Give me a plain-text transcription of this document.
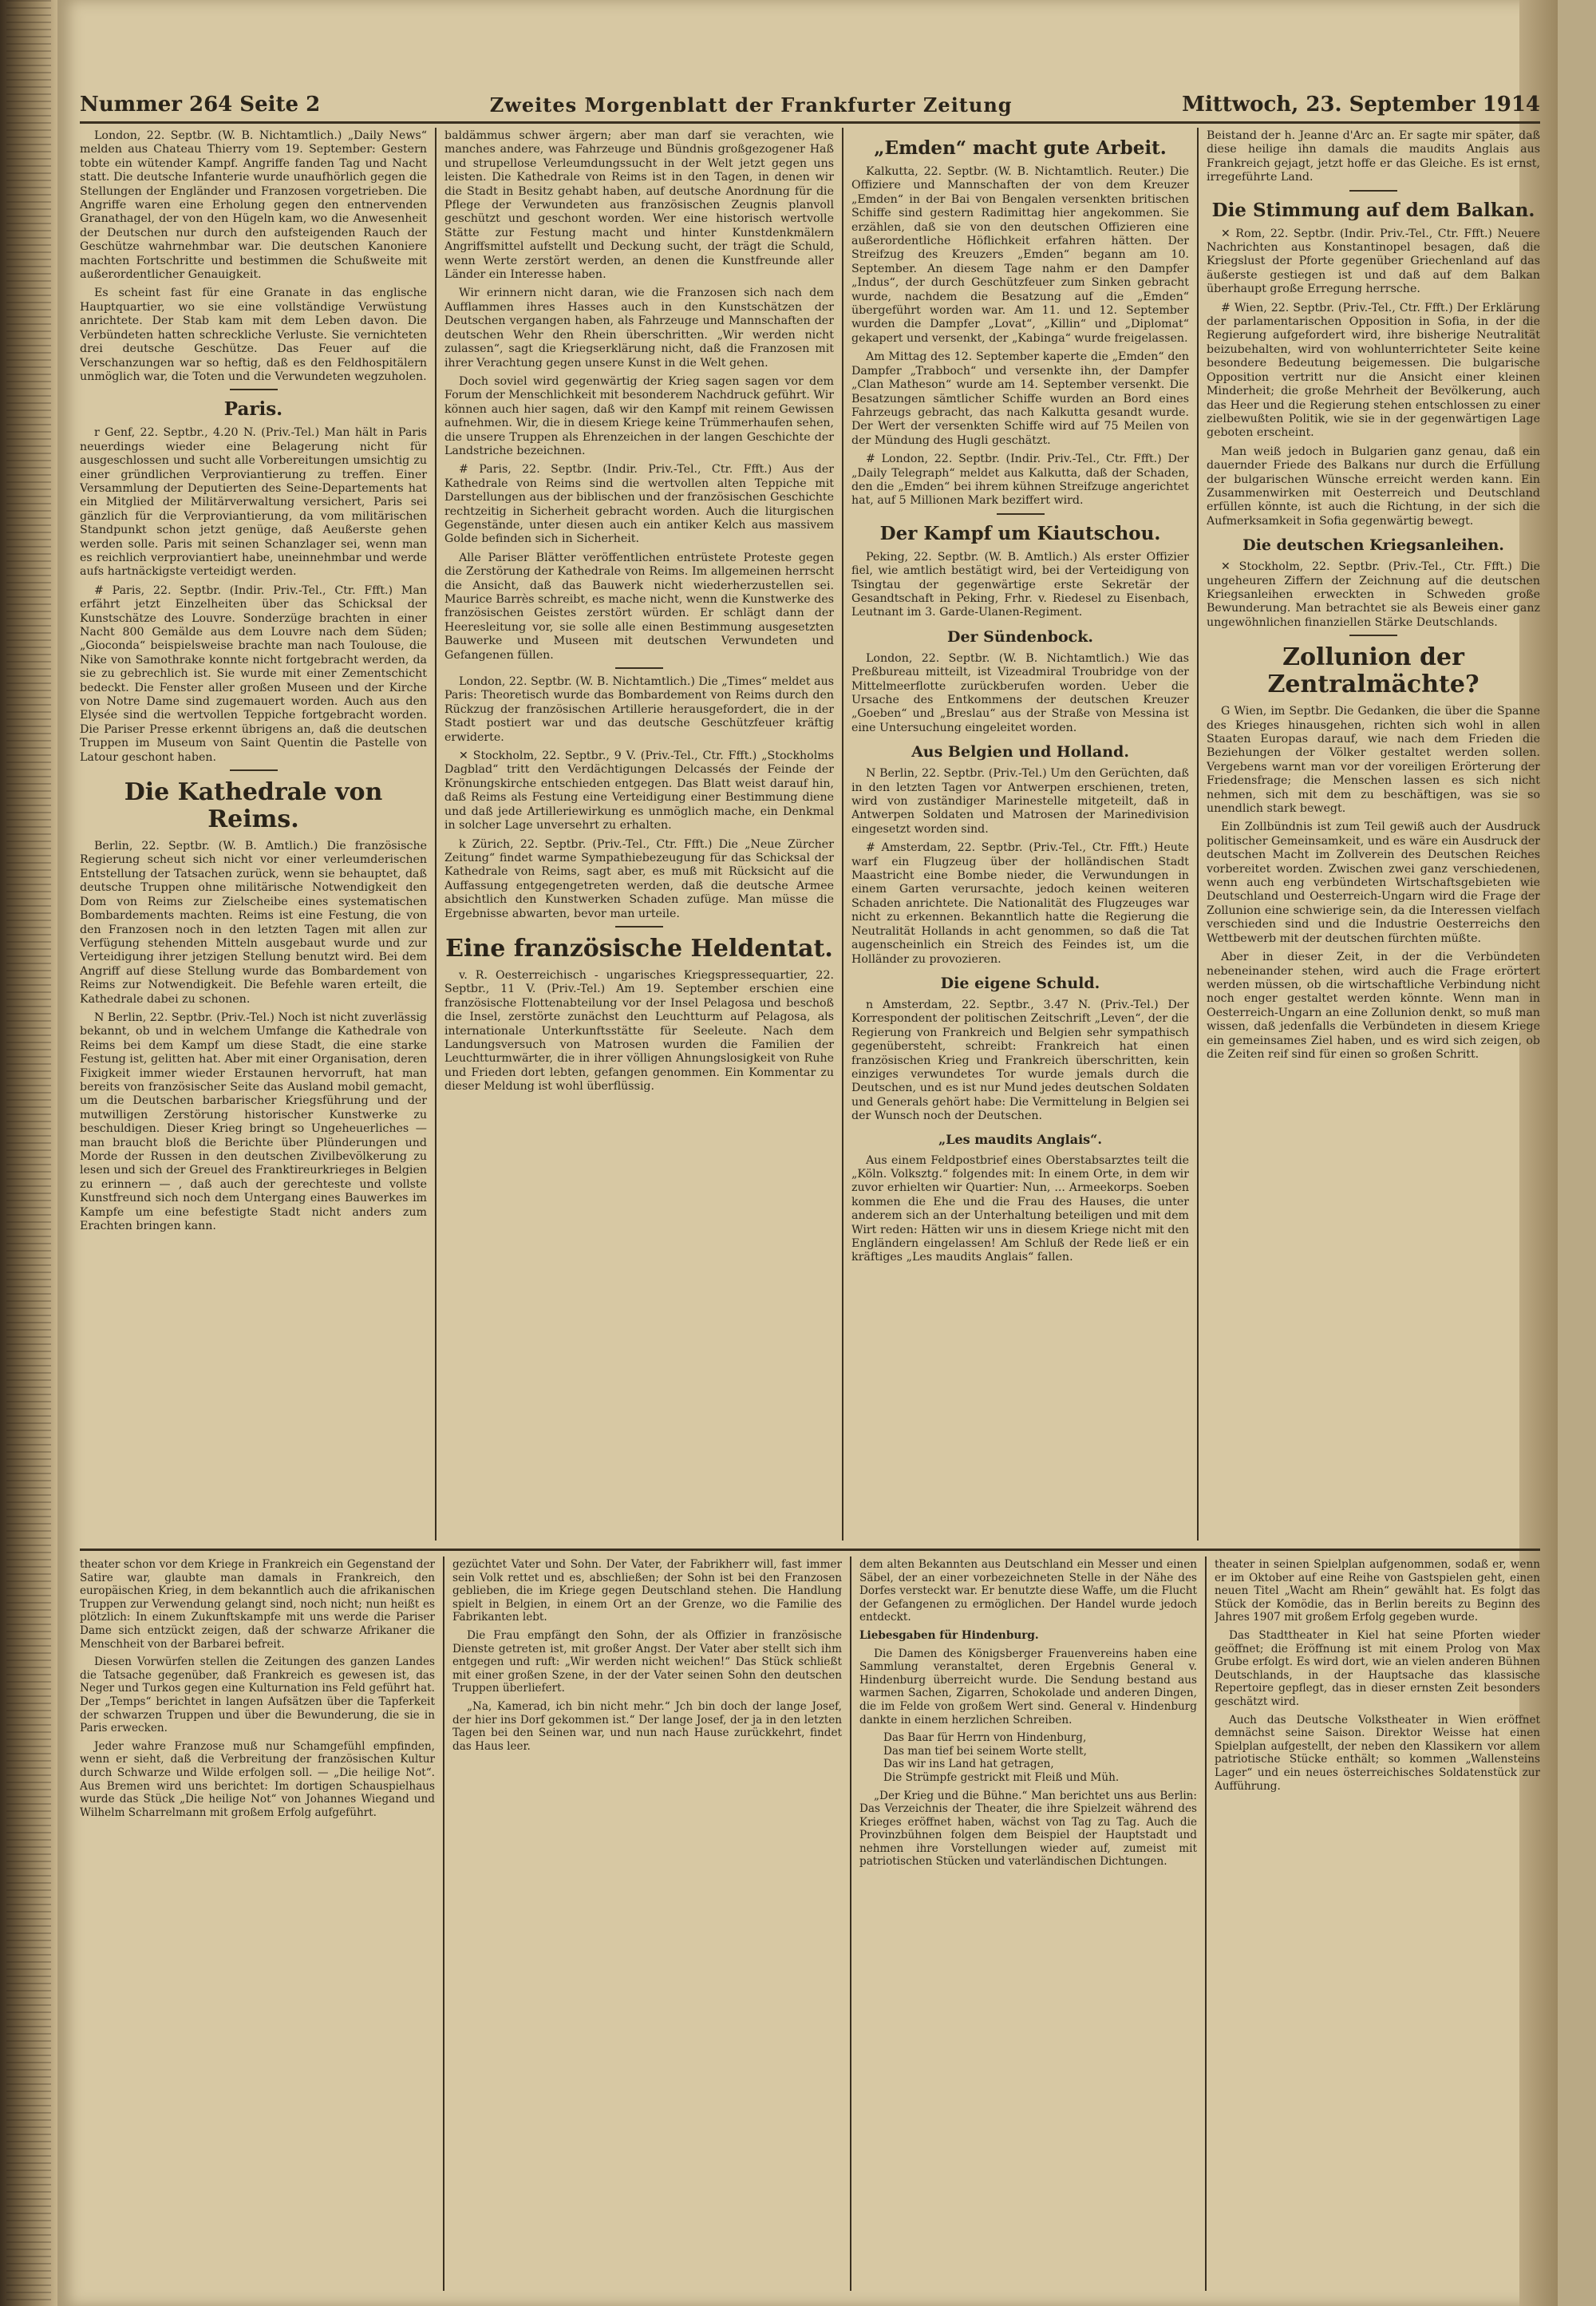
Nummer 264 Seite 2	Zweites Morgenblatt der Frankfurter Zeitung	Mittwoch, 23. September 1914

London, 22. Septbr. (W. B. Nichtamtlich.) „Daily News“ melden aus Chateau Thierry vom 19. September: Gestern tobte ein wütender Kampf. Angriffe fanden Tag und Nacht statt. Die deutsche Infanterie wurde unaufhörlich gegen die Stellungen der Engländer und Franzosen vorgetrieben. Die Angriffe waren eine Erholung gegen den entnervenden Granathagel, der von den Hügeln kam, wo die Anwesenheit der Deutschen nur durch den aufsteigenden Rauch der Geschütze wahrnehmbar war. Die deutschen Kanoniere machten Fortschritte und bestimmen die Schußweite mit außerordentlicher Genauigkeit.

Es scheint fast für eine Granate in das englische Hauptquartier, wo sie eine vollständige Verwüstung anrichtete. Der Stab kam mit dem Leben davon. Die Verbündeten hatten schreckliche Verluste. Sie vernichteten drei deutsche Geschütze. Das Feuer auf die Verschanzungen war so heftig, daß es den Feldhospitälern unmöglich war, die Toten und die Verwundeten wegzuholen.

Paris.

r Genf, 22. Septbr., 4.20 N. (Priv.-Tel.) Man hält in Paris neuerdings wieder eine Belagerung nicht für ausgeschlossen und sucht alle Vorbereitungen umsichtig zu einer gründlichen Verproviantierung zu treffen. Einer Versammlung der Deputierten des Seine-Departements hat ein Mitglied der Militärverwaltung versichert, Paris sei gänzlich für die Verproviantierung, da vom militärischen Standpunkt schon jetzt genüge, daß Aeußerste gehen werden solle. Paris mit seinen Schanzlager sei, wenn man es reichlich verproviantiert habe, uneinnehmbar und werde aufs hartnäckigste verteidigt werden.

# Paris, 22. Septbr. (Indir. Priv.-Tel., Ctr. Ffft.) Man erfährt jetzt Einzelheiten über das Schicksal der Kunstschätze des Louvre. Sonderzüge brachten in einer Nacht 800 Gemälde aus dem Louvre nach dem Süden; „Gioconda“ beispielsweise brachte man nach Toulouse, die Nike von Samothrake konnte nicht fortgebracht werden, da sie zu gebrechlich ist. Sie wurde mit einer Zementschicht bedeckt. Die Fenster aller großen Museen und der Kirche von Notre Dame sind zugemauert worden. Auch aus den Elysée sind die wertvollen Teppiche fortgebracht worden. Die Pariser Presse erkennt übrigens an, daß die deutschen Truppen im Museum von Saint Quentin die Pastelle von Latour geschont haben.

Die Kathedrale von Reims.

Berlin, 22. Septbr. (W. B. Amtlich.) Die französische Regierung scheut sich nicht vor einer verleumderischen Entstellung der Tatsachen zurück, wenn sie behauptet, daß deutsche Truppen ohne militärische Notwendigkeit den Dom von Reims zur Zielscheibe eines systematischen Bombardements machten. Reims ist eine Festung, die von den Franzosen noch in den letzten Tagen mit allen zur Verfügung stehenden Mitteln ausgebaut wurde und zur Verteidigung ihrer jetzigen Stellung benutzt wird. Bei dem Angriff auf diese Stellung wurde das Bombardement von Reims zur Notwendigkeit. Die Befehle waren erteilt, die Kathedrale dabei zu schonen.

N Berlin, 22. Septbr. (Priv.-Tel.) Noch ist nicht zuverlässig bekannt, ob und in welchem Umfange die Kathedrale von Reims bei dem Kampf um diese Stadt, die eine starke Festung ist, gelitten hat. Aber mit einer Organisation, deren Fixigkeit immer wieder Erstaunen hervorruft, hat man bereits von französischer Seite das Ausland mobil gemacht, um die Deutschen barbarischer Kriegsführung und der mutwilligen Zerstörung historischer Kunstwerke zu beschuldigen. Dieser Krieg bringt so Ungeheuerliches — man braucht bloß die Berichte über Plünderungen und Morde der Russen in den deutschen Zivilbevölkerung zu lesen und sich der Greuel des Franktireurkrieges in Belgien zu erinnern — , daß auch der gerechteste und vollste Kunstfreund sich noch dem Untergang eines Bauwerkes im Kampfe um eine befestigte Stadt nicht anders zum Erachten bringen kann.

baldämmus schwer ärgern; aber man darf sie verachten, wie manches andere, was Fahrzeuge und Bündnis großgezogener Haß und strupellose Verleumdungssucht in der Welt jetzt gegen uns leisten. Die Kathedrale von Reims ist in den Tagen, in denen wir die Stadt in Besitz gehabt haben, auf deutsche Anordnung für die Pflege der Verwundeten aus französischen Zeugnis planvoll geschützt und geschont worden. Wer eine historisch wertvolle Stätte zur Festung macht und hinter Kunstdenkmälern Angriffsmittel aufstellt und Deckung sucht, der trägt die Schuld, wenn Werte zerstört werden, an denen die Kunstfreunde aller Länder ein Interesse haben.

Wir erinnern nicht daran, wie die Franzosen sich nach dem Aufflammen ihres Hasses auch in den Kunstschätzen der Deutschen vergangen haben, als Fahrzeuge und Mannschaften der deutschen Wehr den Rhein überschritten. „Wir werden nicht zulassen“, sagt die Kriegserklärung nicht, daß die Franzosen mit ihrer Verachtung gegen unsere Kunst in die Welt gehen.

Doch soviel wird gegenwärtig der Krieg sagen sagen vor dem Forum der Menschlichkeit mit besonderem Nachdruck geführt. Wir können auch hier sagen, daß wir den Kampf mit reinem Gewissen aufnehmen. Wir, die in diesem Kriege keine Trümmerhaufen sehen, die unsere Truppen als Ehrenzeichen in der langen Geschichte der Landstriche bezeichnen.

# Paris, 22. Septbr. (Indir. Priv.-Tel., Ctr. Ffft.) Aus der Kathedrale von Reims sind die wertvollen alten Teppiche mit Darstellungen aus der biblischen und der französischen Geschichte rechtzeitig in Sicherheit gebracht worden. Auch die liturgischen Gegenstände, unter diesen auch ein antiker Kelch aus massivem Golde befinden sich in Sicherheit.

Alle Pariser Blätter veröffentlichen entrüstete Proteste gegen die Zerstörung der Kathedrale von Reims. Im allgemeinen herrscht die Ansicht, daß das Bauwerk nicht wiederherzustellen sei. Maurice Barrès schreibt, es mache nicht, wenn die Kunstwerke des französischen Geistes zerstört würden. Er schlägt dann der Heeresleitung vor, sie solle alle einen Bestimmung ausgesetzten Bauwerke und Museen mit deutschen Verwundeten und Gefangenen füllen.

London, 22. Septbr. (W. B. Nichtamtlich.) Die „Times“ meldet aus Paris: Theoretisch wurde das Bombardement von Reims durch den Rückzug der französischen Artillerie herausgefordert, die in der Stadt postiert war und das deutsche Geschützfeuer kräftig erwiderte.

✕ Stockholm, 22. Septbr., 9 V. (Priv.-Tel., Ctr. Ffft.) „Stockholms Dagblad“ tritt den Verdächtigungen Delcassés der Feinde der Krönungskirche entschieden entgegen. Das Blatt weist darauf hin, daß Reims als Festung eine Verteidigung einer Bestimmung diene und daß jede Artilleriewirkung es unmöglich mache, ein Denkmal in solcher Lage unversehrt zu erhalten.

k Zürich, 22. Septbr. (Priv.-Tel., Ctr. Ffft.) Die „Neue Zürcher Zeitung“ findet warme Sympathiebezeugung für das Schicksal der Kathedrale von Reims, sagt aber, es muß mit Rücksicht auf die Auffassung entgegengetreten werden, daß die deutsche Armee absichtlich den Kunstwerken Schaden zufüge. Man müsse die Ergebnisse abwarten, bevor man urteile.

Eine französische Heldentat.

v. R. Oesterreichisch - ungarisches Kriegspressequartier, 22. Septbr., 11 V. (Priv.-Tel.) Am 19. September erschien eine französische Flottenabteilung vor der Insel Pelagosa und beschoß die Insel, zerstörte zunächst den Leuchtturm auf Pelagosa, als internationale Unterkunftsstätte für Seeleute. Nach dem Landungsversuch von Matrosen wurden die Familien der Leuchtturmwärter, die in ihrer völligen Ahnungslosigkeit von Ruhe und Frieden dort lebten, gefangen genommen. Ein Kommentar zu dieser Meldung ist wohl überflüssig.

„Emden“ macht gute Arbeit.

Kalkutta, 22. Septbr. (W. B. Nichtamtlich. Reuter.) Die Offiziere und Mannschaften der von dem Kreuzer „Emden“ in der Bai von Bengalen versenkten britischen Schiffe sind gestern Radimittag hier angekommen. Sie erzählen, daß sie von den deutschen Offizieren eine außerordentliche Höflichkeit erfahren hätten. Der Streifzug des Kreuzers „Emden“ begann am 10. September. An diesem Tage nahm er den Dampfer „Indus“, der durch Geschützfeuer zum Sinken gebracht wurde, nachdem die Besatzung auf die „Emden“ übergeführt worden war. Am 11. und 12. September wurden die Dampfer „Lovat“, „Killin“ und „Diplomat“ gekapert und versenkt, der „Kabinga“ wurde freigelassen.

Am Mittag des 12. September kaperte die „Emden“ den Dampfer „Trabboch“ und versenkte ihn, der Dampfer „Clan Matheson“ wurde am 14. September versenkt. Die Besatzungen sämtlicher Schiffe wurden an Bord eines Fahrzeugs gebracht, das nach Kalkutta gesandt wurde. Der Wert der versenkten Schiffe wird auf 75 Meilen von der Mündung des Hugli geschätzt.

# London, 22. Septbr. (Indir. Priv.-Tel., Ctr. Ffft.) Der „Daily Telegraph“ meldet aus Kalkutta, daß der Schaden, den die „Emden“ bei ihrem kühnen Streifzuge angerichtet hat, auf 5 Millionen Mark beziffert wird.

Der Kampf um Kiautschou.

Peking, 22. Septbr. (W. B. Amtlich.) Als erster Offizier fiel, wie amtlich bestätigt wird, bei der Verteidigung von Tsingtau der gegenwärtige erste Sekretär der Gesandtschaft in Peking, Frhr. v. Riedesel zu Eisenbach, Leutnant im 3. Garde-Ulanen-Regiment.

Der Sündenbock.

London, 22. Septbr. (W. B. Nichtamtlich.) Wie das Preßbureau mitteilt, ist Vizeadmiral Troubridge von der Mittelmeerflotte zurückberufen worden. Ueber die Ursache des Entkommens der deutschen Kreuzer „Goeben“ und „Breslau“ aus der Straße von Messina ist eine Untersuchung eingeleitet worden.

Aus Belgien und Holland.

N Berlin, 22. Septbr. (Priv.-Tel.) Um den Gerüchten, daß in den letzten Tagen vor Antwerpen erschienen, treten, wird von zuständiger Marinestelle mitgeteilt, daß in Antwerpen Soldaten und Matrosen der Marinedivision eingesetzt worden sind.

# Amsterdam, 22. Septbr. (Priv.-Tel., Ctr. Ffft.) Heute warf ein Flugzeug über der holländischen Stadt Maastricht eine Bombe nieder, die Verwundungen in einem Garten verursachte, jedoch keinen weiteren Schaden anrichtete. Die Nationalität des Flugzeuges war nicht zu erkennen. Bekanntlich hatte die Regierung die Neutralität Hollands in acht genommen, so daß die Tat augenscheinlich ein Streich des Feindes ist, um die Holländer zu provozieren.

Die eigene Schuld.

n Amsterdam, 22. Septbr., 3.47 N. (Priv.-Tel.) Der Korrespondent der politischen Zeitschrift „Leven“, der die Regierung von Frankreich und Belgien sehr sympathisch gegenübersteht, schreibt: Frankreich hat einen französischen Krieg und Frankreich überschritten, kein einziges verwundetes Tor wurde jemals durch die Deutschen, und es ist nur Mund jedes deutschen Soldaten und Generals gehört habe: Die Vermittelung in Belgien sei der Wunsch noch der Deutschen.

„Les maudits Anglais“.

Aus einem Feldpostbrief eines Oberstabsarztes teilt die „Köln. Volksztg.“ folgendes mit: In einem Orte, in dem wir zuvor erhielten wir Quartier: Nun, ... Armeekorps. Soeben kommen die Ehe und die Frau des Hauses, die unter anderem sich an der Unterhaltung beteiligen und mit dem Wirt reden: Hätten wir uns in diesem Kriege nicht mit den Engländern eingelassen! Am Schluß der Rede ließ er ein kräftiges „Les maudits Anglais“ fallen.

Beistand der h. Jeanne d'Arc an. Er sagte mir später, daß diese heilige ihn damals die maudits Anglais aus Frankreich gejagt, jetzt hoffe er das Gleiche. Es ist ernst, irregeführte Land.

Die Stimmung auf dem Balkan.

✕ Rom, 22. Septbr. (Indir. Priv.-Tel., Ctr. Ffft.) Neuere Nachrichten aus Konstantinopel besagen, daß die Kriegslust der Pforte gegenüber Griechenland auf das äußerste gestiegen ist und daß auf dem Balkan überhaupt große Erregung herrsche.

# Wien, 22. Septbr. (Priv.-Tel., Ctr. Ffft.) Der Erklärung der parlamentarischen Opposition in Sofia, in der die Regierung aufgefordert wird, ihre bisherige Neutralität beizubehalten, wird von wohlunterrichteter Seite keine besondere Bedeutung beigemessen. Die bulgarische Opposition vertritt nur die Ansicht einer kleinen Minderheit; die große Mehrheit der Bevölkerung, auch das Heer und die Regierung stehen entschlossen zu einer zielbewußten Politik, wie sie in der gegenwärtigen Lage geboten erscheint.

Man weiß jedoch in Bulgarien ganz genau, daß ein dauernder Friede des Balkans nur durch die Erfüllung der bulgarischen Wünsche erreicht werden kann. Ein Zusammenwirken mit Oesterreich und Deutschland erfüllen könnte, ist auch die Richtung, in der sich die Aufmerksamkeit in Sofia gegenwärtig bewegt.

Die deutschen Kriegsanleihen.

✕ Stockholm, 22. Septbr. (Priv.-Tel., Ctr. Ffft.) Die ungeheuren Ziffern der Zeichnung auf die deutschen Kriegsanleihen erweckten in Schweden große Bewunderung. Man betrachtet sie als Beweis einer ganz ungewöhnlichen finanziellen Stärke Deutschlands.

Zollunion der Zentralmächte?

G Wien, im Septbr. Die Gedanken, die über die Spanne des Krieges hinausgehen, richten sich wohl in allen Staaten Europas darauf, wie nach dem Frieden die Beziehungen der Völker gestaltet werden sollen. Vergebens warnt man vor der voreiligen Erörterung der Friedensfrage; die Menschen lassen es sich nicht nehmen, sich mit dem zu beschäftigen, was sie so unendlich stark bewegt.

Ein Zollbündnis ist zum Teil gewiß auch der Ausdruck politischer Gemeinsamkeit, und es wäre ein Ausdruck der deutschen Macht im Zollverein des Deutschen Reiches vorbereitet worden. Zwischen zwei ganz verschiedenen, wenn auch eng verbündeten Wirtschaftsgebieten wie Deutschland und Oesterreich-Ungarn wird die Frage der Zollunion eine schwierige sein, da die Interessen vielfach verschieden sind und die Industrie Oesterreichs den Wettbewerb mit der deutschen fürchten müßte.

Aber in dieser Zeit, in der die Verbündeten nebeneinander stehen, wird auch die Frage erörtert werden müssen, ob die wirtschaftliche Verbindung nicht noch enger gestaltet werden könnte. Wenn man in Oesterreich-Ungarn an eine Zollunion denkt, so muß man wissen, daß jedenfalls die Verbündeten in diesem Kriege ein gemeinsames Ziel haben, und es wird sich zeigen, ob die Zeiten reif sind für einen so großen Schritt.

theater schon vor dem Kriege in Frankreich ein Gegenstand der Satire war, glaubte man damals in Frankreich, den europäischen Krieg, in dem bekanntlich auch die afrikanischen Truppen zur Verwendung gelangt sind, noch nicht; nun heißt es plötzlich: In einem Zukunftskampfe mit uns werde die Pariser Dame sich entzückt zeigen, daß der schwarze Afrikaner die Menschheit von der Barbarei befreit.

Diesen Vorwürfen stellen die Zeitungen des ganzen Landes die Tatsache gegenüber, daß Frankreich es gewesen ist, das Neger und Turkos gegen eine Kulturnation ins Feld geführt hat. Der „Temps“ berichtet in langen Aufsätzen über die Tapferkeit der schwarzen Truppen und über die Bewunderung, die sie in Paris erwecken.

Jeder wahre Franzose muß nur Schamgefühl empfinden, wenn er sieht, daß die Verbreitung der französischen Kultur durch Schwarze und Wilde erfolgen soll. — „Die heilige Not“. Aus Bremen wird uns berichtet: Im dortigen Schauspielhaus wurde das Stück „Die heilige Not“ von Johannes Wiegand und Wilhelm Scharrelmann mit großem Erfolg aufgeführt.

gezüchtet Vater und Sohn. Der Vater, der Fabrikherr will, fast immer sein Volk rettet und es, abschließen; der Sohn ist bei den Franzosen geblieben, die im Kriege gegen Deutschland stehen. Die Handlung spielt in Belgien, in einem Ort an der Grenze, wo die Familie des Fabrikanten lebt.

Die Frau empfängt den Sohn, der als Offizier in französische Dienste getreten ist, mit großer Angst. Der Vater aber stellt sich ihm entgegen und ruft: „Wir werden nicht weichen!“ Das Stück schließt mit einer großen Szene, in der der Vater seinen Sohn den deutschen Truppen überliefert.

„Na, Kamerad, ich bin nicht mehr.“ Jch bin doch der lange Josef, der hier ins Dorf gekommen ist.“ Der lange Josef, der ja in den letzten Tagen bei den Seinen war, und nun nach Hause zurückkehrt, findet das Haus leer.

dem alten Bekannten aus Deutschland ein Messer und einen Säbel, der an einer vorbezeichneten Stelle in der Nähe des Dorfes versteckt war. Er benutzte diese Waffe, um die Flucht der Gefangenen zu ermöglichen. Der Handel wurde jedoch entdeckt.

Liebesgaben für Hindenburg.

Die Damen des Königsberger Frauenvereins haben eine Sammlung veranstaltet, deren Ergebnis General v. Hindenburg überreicht wurde. Die Sendung bestand aus warmen Sachen, Zigarren, Schokolade und anderen Dingen, die im Felde von großem Wert sind. General v. Hindenburg dankte in einem herzlichen Schreiben.

Das Baar für Herrn von Hindenburg,
Das man tief bei seinem Worte stellt,
Das wir ins Land hat getragen,
Die Strümpfe gestrickt mit Fleiß und Müh.

„Der Krieg und die Bühne.“ Man berichtet uns aus Berlin: Das Verzeichnis der Theater, die ihre Spielzeit während des Krieges eröffnet haben, wächst von Tag zu Tag. Auch die Provinzbühnen folgen dem Beispiel der Hauptstadt und nehmen ihre Vorstellungen wieder auf, zumeist mit patriotischen Stücken und vaterländischen Dichtungen.

theater in seinen Spielplan aufgenommen, sodaß er, wenn er im Oktober auf eine Reihe von Gastspielen geht, einen neuen Titel „Wacht am Rhein“ gewählt hat. Es folgt das Stück der Komödie, das in Berlin bereits zu Beginn des Jahres 1907 mit großem Erfolg gegeben wurde.

Das Stadttheater in Kiel hat seine Pforten wieder geöffnet; die Eröffnung ist mit einem Prolog von Max Grube erfolgt. Es wird dort, wie an vielen anderen Bühnen Deutschlands, in der Hauptsache das klassische Repertoire gepflegt, das in dieser ernsten Zeit besonders geschätzt wird.

Auch das Deutsche Volkstheater in Wien eröffnet demnächst seine Saison. Direktor Weisse hat einen Spielplan aufgestellt, der neben den Klassikern vor allem patriotische Stücke enthält; so kommen „Wallensteins Lager“ und ein neues österreichisches Soldatenstück zur Aufführung.
